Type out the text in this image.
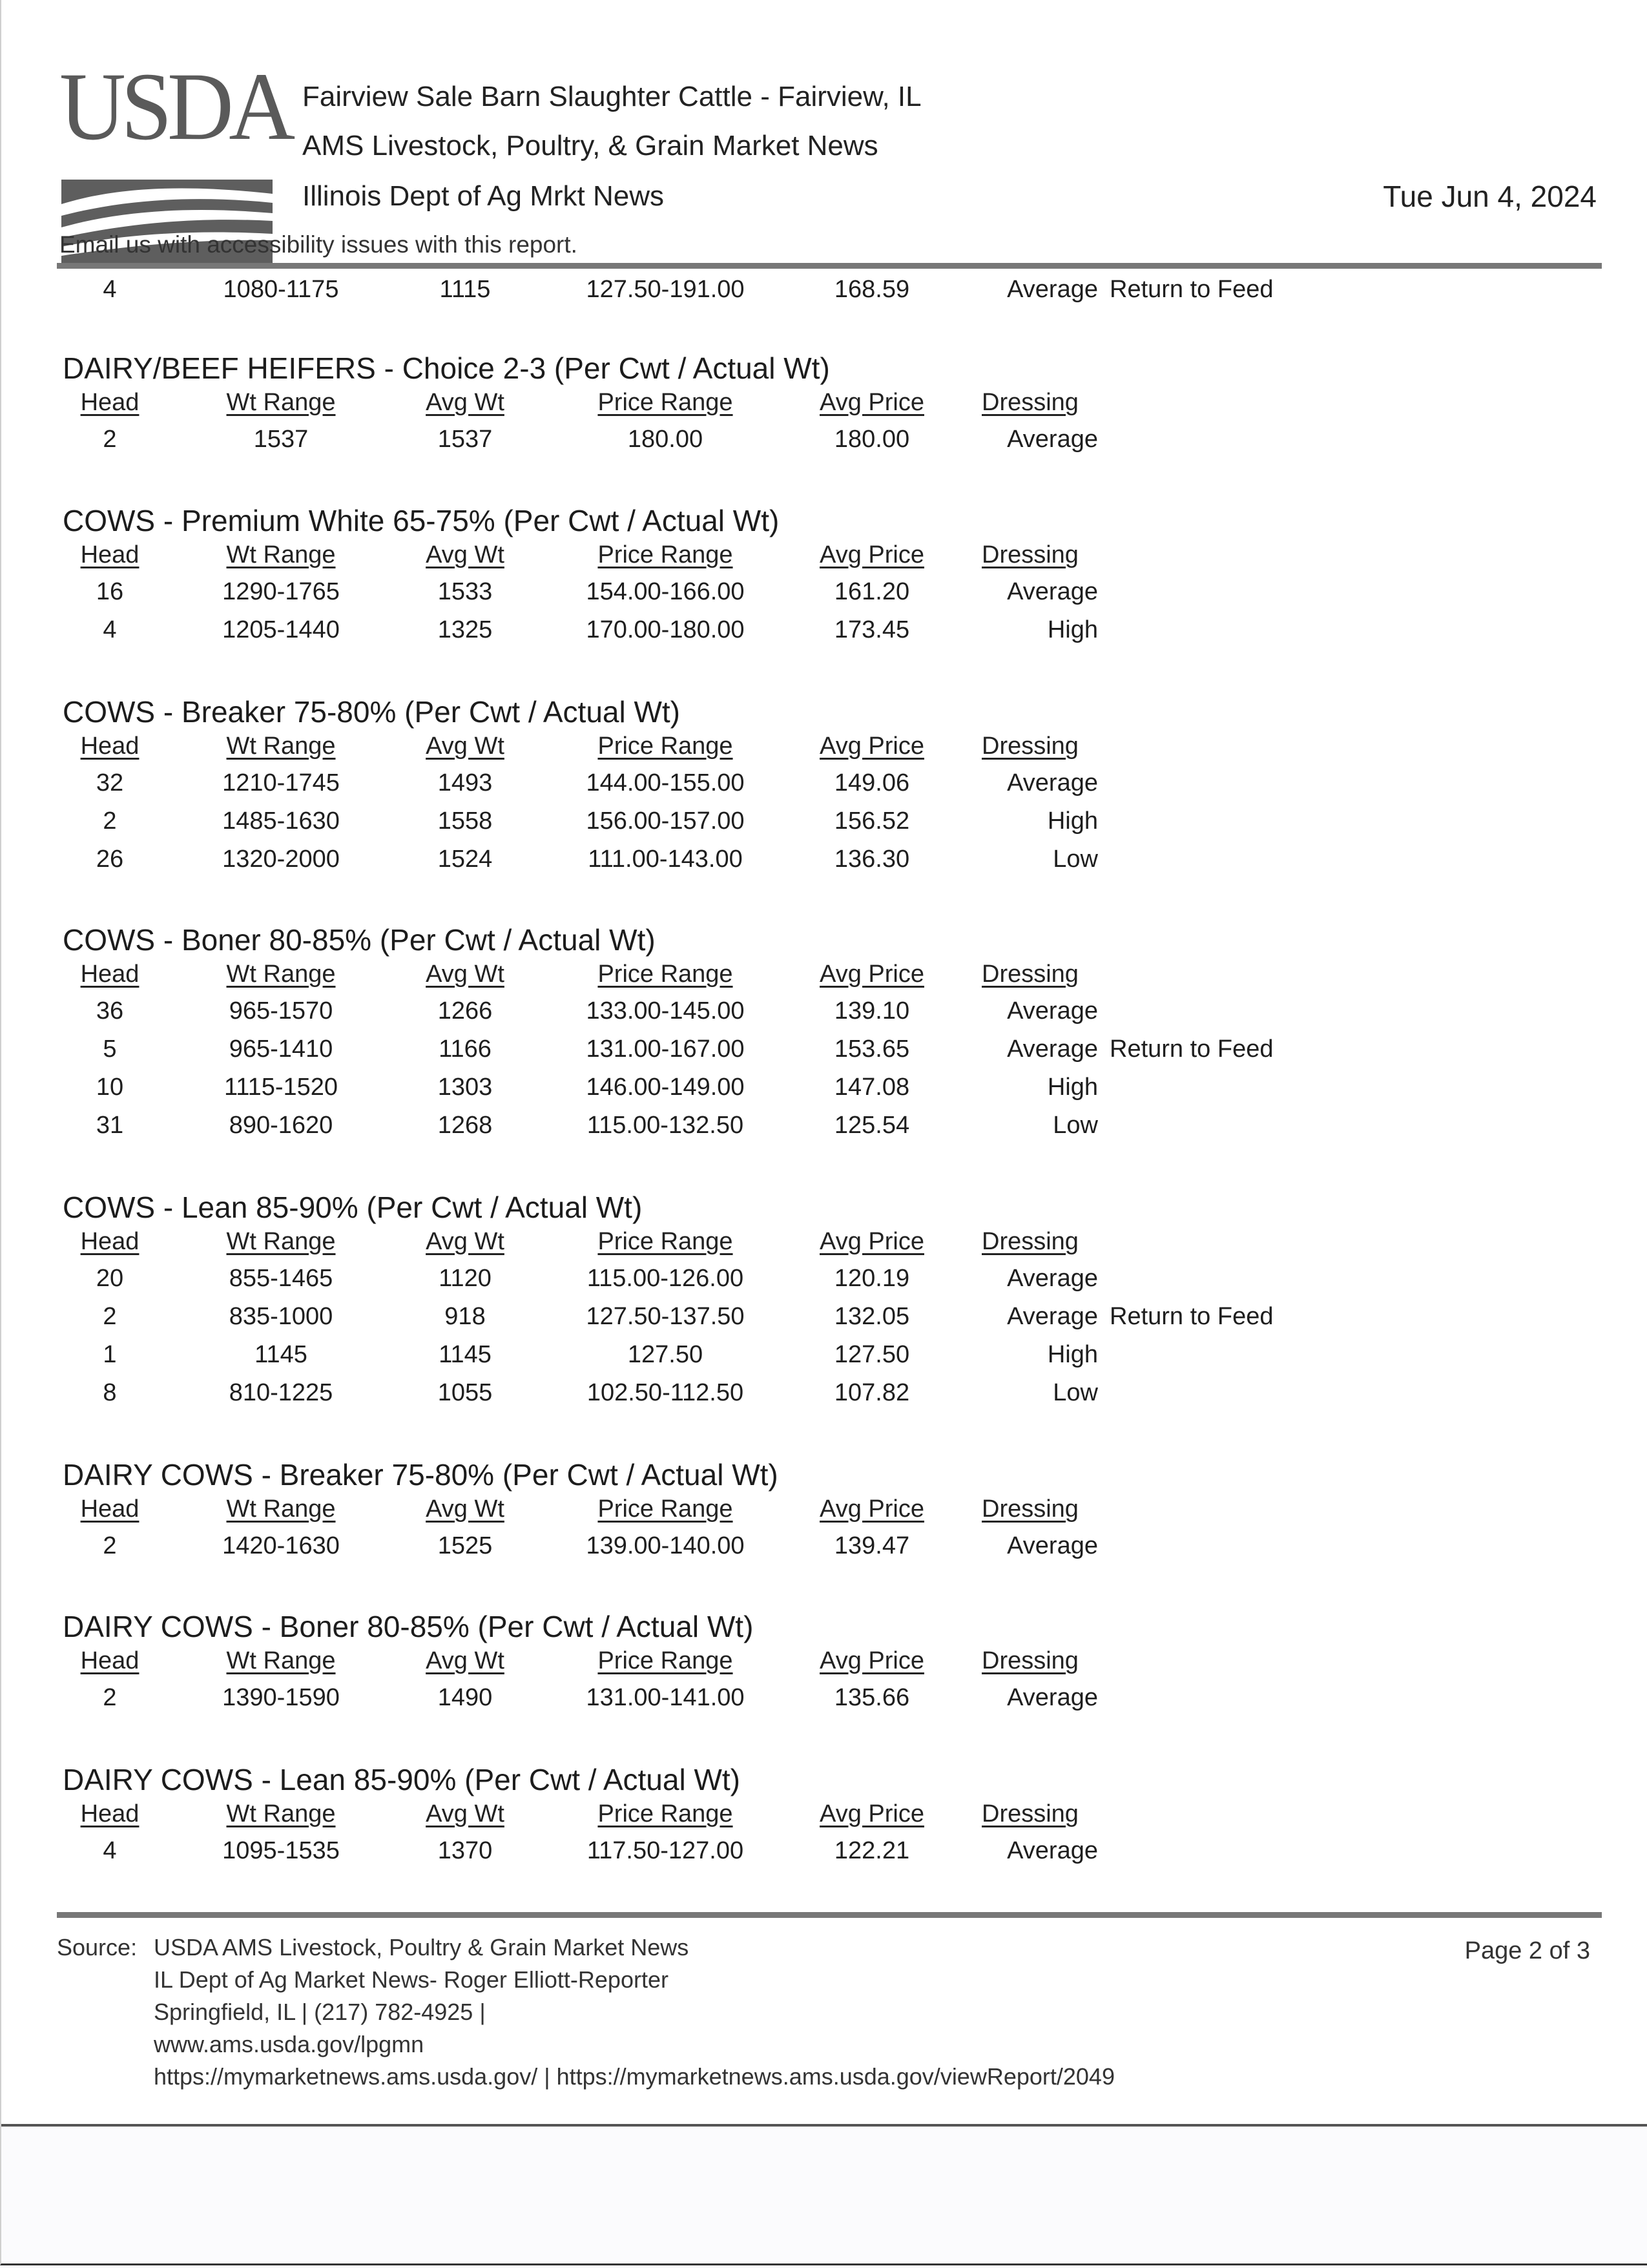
USDA Fairview Sale Barn Slaughter Cattle - Fairview, IL
AMS Livestock, Poultry, & Grain Market News
Illinois Dept of Ag Mrkt News	Tue Jun 4, 2024
Email us with accessibility issues with this report.
4	1080-1175	1115	127.50-191.00	168.59	Average Return to Feed
DAIRY/BEEF HEIFERS - Choice 2-3 (Per Cwt / Actual Wt)
Head	Wt Range	Avg Wt	Price Range	Avg Price	Dressing
2	1537	1537	180.00	180.00	Average
COWS - Premium White 65-75% (Per Cwt / Actual Wt)
Head	Wt Range	Avg Wt	Price Range	Avg Price	Dressing
16	1290-1765	1533	154.00-166.00	161.20	Average
4	1205-1440	1325	170.00-180.00	173.45	High
COWS - Breaker 75-80% (Per Cwt / Actual Wt)
Head	Wt Range	Avg Wt	Price Range	Avg Price	Dressing
32	1210-1745	1493	144.00-155.00	149.06	Average
2	1485-1630	1558	156.00-157.00	156.52	High
26	1320-2000	1524	111.00-143.00	136.30	Low
COWS - Boner 80-85% (Per Cwt / Actual Wt)
Head	Wt Range	Avg Wt	Price Range	Avg Price	Dressing
36	965-1570	1266	133.00-145.00	139.10	Average
5	965-1410	1166	131.00-167.00	153.65	Average Return to Feed
10	1115-1520	1303	146.00-149.00	147.08	High
31	890-1620	1268	115.00-132.50	125.54	Low
COWS - Lean 85-90% (Per Cwt / Actual Wt)
Head	Wt Range	Avg Wt	Price Range	Avg Price	Dressing
20	855-1465	1120	115.00-126.00	120.19	Average
2	835-1000	918	127.50-137.50	132.05	Average Return to Feed
1	1145	1145	127.50	127.50	High
8	810-1225	1055	102.50-112.50	107.82	Low
DAIRY COWS - Breaker 75-80% (Per Cwt / Actual Wt)
Head	Wt Range	Avg Wt	Price Range	Avg Price	Dressing
2	1420-1630	1525	139.00-140.00	139.47	Average
DAIRY COWS - Boner 80-85% (Per Cwt / Actual Wt)
Head	Wt Range	Avg Wt	Price Range	Avg Price	Dressing
2	1390-1590	1490	131.00-141.00	135.66	Average
DAIRY COWS - Lean 85-90% (Per Cwt / Actual Wt)
Head	Wt Range	Avg Wt	Price Range	Avg Price	Dressing
4	1095-1535	1370	117.50-127.00	122.21	Average
Source: USDA AMS Livestock, Poultry & Grain Market News
IL Dept of Ag Market News- Roger Elliott-Reporter
Springfield, IL | (217) 782-4925 |
www.ams.usda.gov/lpgmn
https://mymarketnews.ams.usda.gov/ | https://mymarketnews.ams.usda.gov/viewReport/2049
Page 2 of 3
